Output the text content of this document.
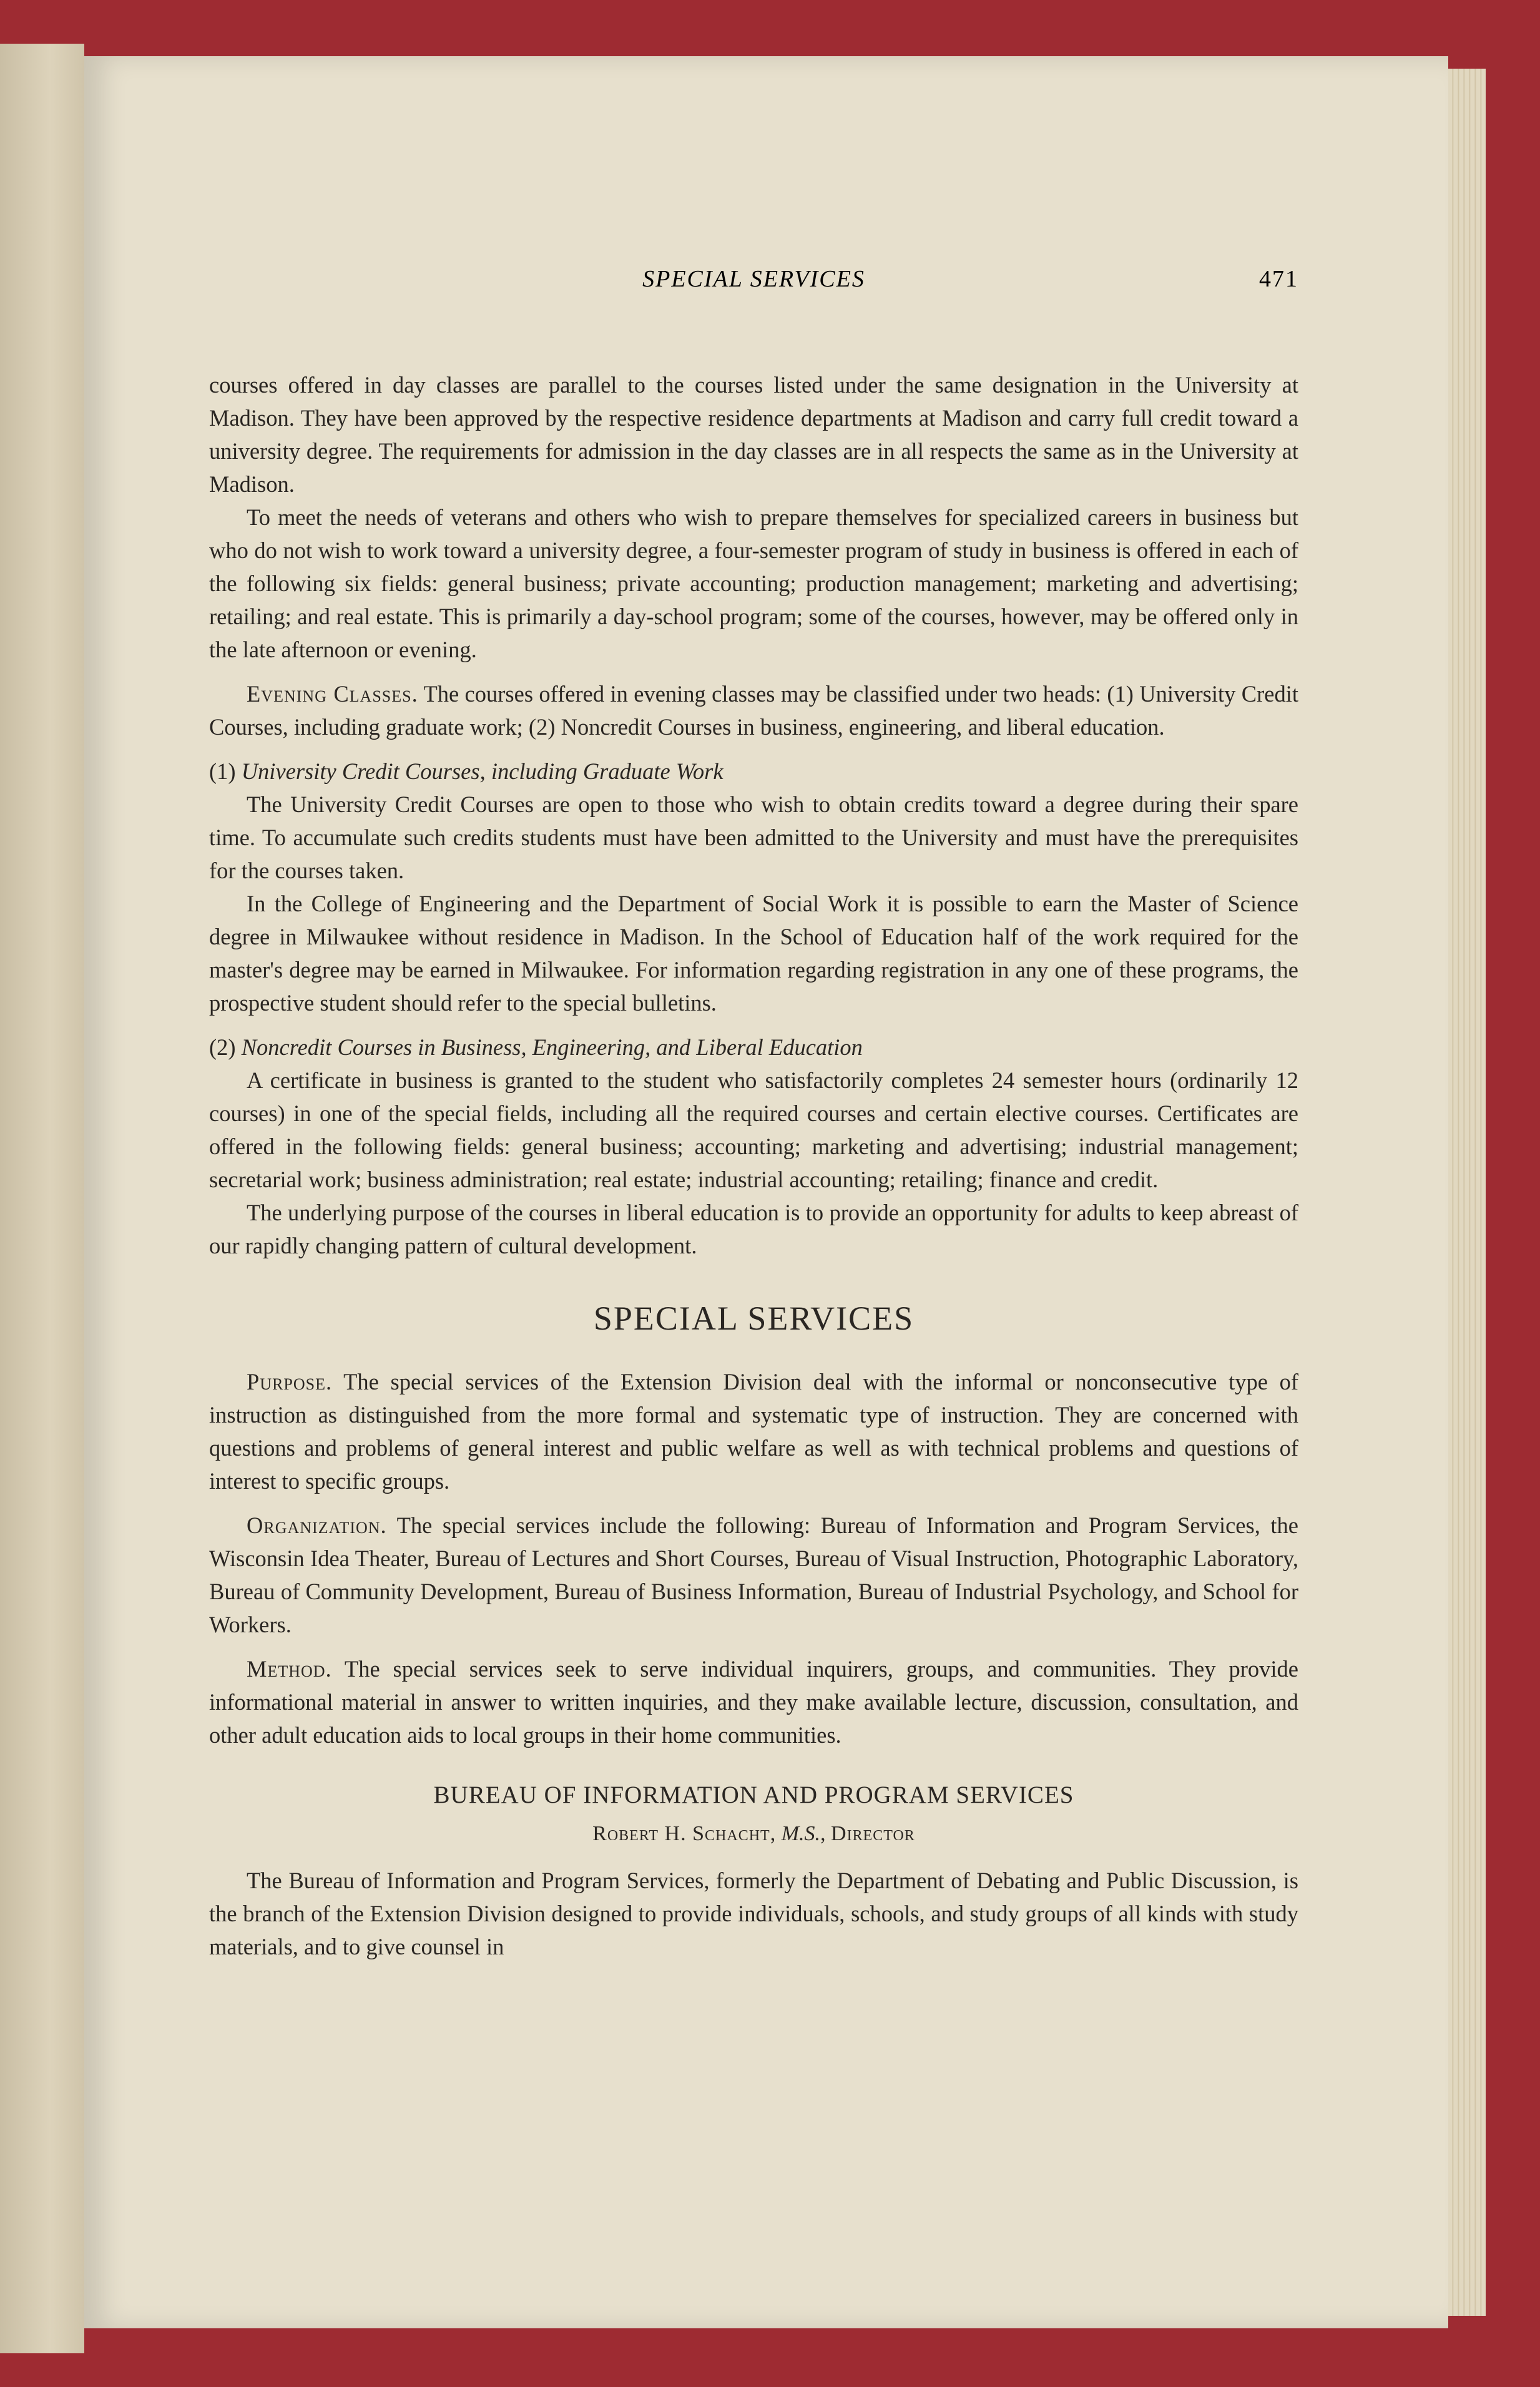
SPECIAL SERVICES	471

courses offered in day classes are parallel to the courses listed under the same designation in the University at Madison. They have been approved by the respective residence departments at Madison and carry full credit toward a university degree. The requirements for admission in the day classes are in all respects the same as in the University at Madison.

To meet the needs of veterans and others who wish to prepare themselves for specialized careers in business but who do not wish to work toward a university degree, a four-semester program of study in business is offered in each of the following six fields: general business; private accounting; production management; marketing and advertising; retailing; and real estate. This is primarily a day-school program; some of the courses, however, may be offered only in the late afternoon or evening.

Evening Classes. The courses offered in evening classes may be classified under two heads: (1) University Credit Courses, including graduate work; (2) Noncredit Courses in business, engineering, and liberal education.

(1) University Credit Courses, including Graduate Work

The University Credit Courses are open to those who wish to obtain credits toward a degree during their spare time. To accumulate such credits students must have been admitted to the University and must have the prerequisites for the courses taken.

In the College of Engineering and the Department of Social Work it is possible to earn the Master of Science degree in Milwaukee without residence in Madison. In the School of Education half of the work required for the master's degree may be earned in Milwaukee. For information regarding registration in any one of these programs, the prospective student should refer to the special bulletins.

(2) Noncredit Courses in Business, Engineering, and Liberal Education

A certificate in business is granted to the student who satisfactorily completes 24 semester hours (ordinarily 12 courses) in one of the special fields, including all the required courses and certain elective courses. Certificates are offered in the following fields: general business; accounting; marketing and advertising; industrial management; secretarial work; business administration; real estate; industrial accounting; retailing; finance and credit.

The underlying purpose of the courses in liberal education is to provide an opportunity for adults to keep abreast of our rapidly changing pattern of cultural development.

SPECIAL SERVICES

Purpose. The special services of the Extension Division deal with the informal or nonconsecutive type of instruction as distinguished from the more formal and systematic type of instruction. They are concerned with questions and problems of general interest and public welfare as well as with technical problems and questions of interest to specific groups.

Organization. The special services include the following: Bureau of Information and Program Services, the Wisconsin Idea Theater, Bureau of Lectures and Short Courses, Bureau of Visual Instruction, Photographic Laboratory, Bureau of Community Development, Bureau of Business Information, Bureau of Industrial Psychology, and School for Workers.

Method. The special services seek to serve individual inquirers, groups, and communities. They provide informational material in answer to written inquiries, and they make available lecture, discussion, consultation, and other adult education aids to local groups in their home communities.

BUREAU OF INFORMATION AND PROGRAM SERVICES
Robert H. Schacht, M.S., Director

The Bureau of Information and Program Services, formerly the Department of Debating and Public Discussion, is the branch of the Extension Division designed to provide individuals, schools, and study groups of all kinds with study materials, and to give counsel in
